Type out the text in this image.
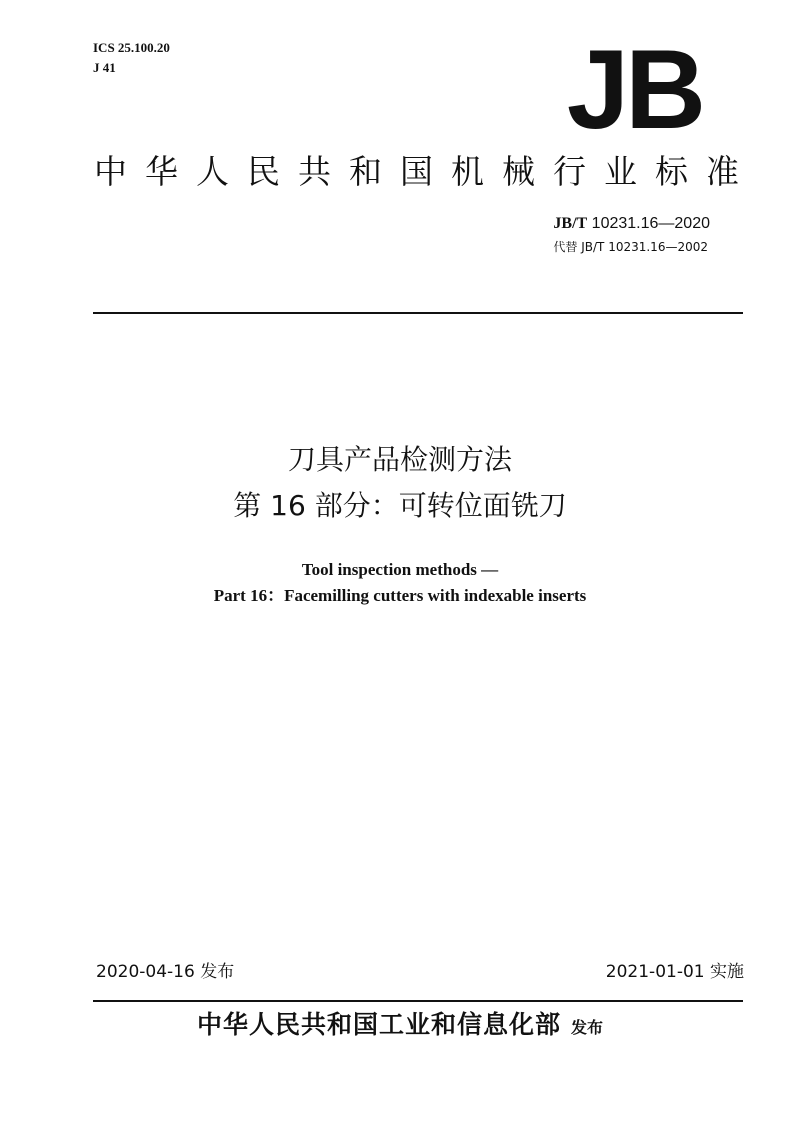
ICS 25.100.20
J 41	JB
中华人民共和国机械行业标准
JB/T 10231.16—2020
代替 JB/T 10231.16—2002
刀具产品检测方法
第 16 部分：可转位面铣刀
Tool inspection methods —
Part 16：Facemilling cutters with indexable inserts
2020-04-16 发布	2021-01-01 实施
中华人民共和国工业和信息化部 发布
